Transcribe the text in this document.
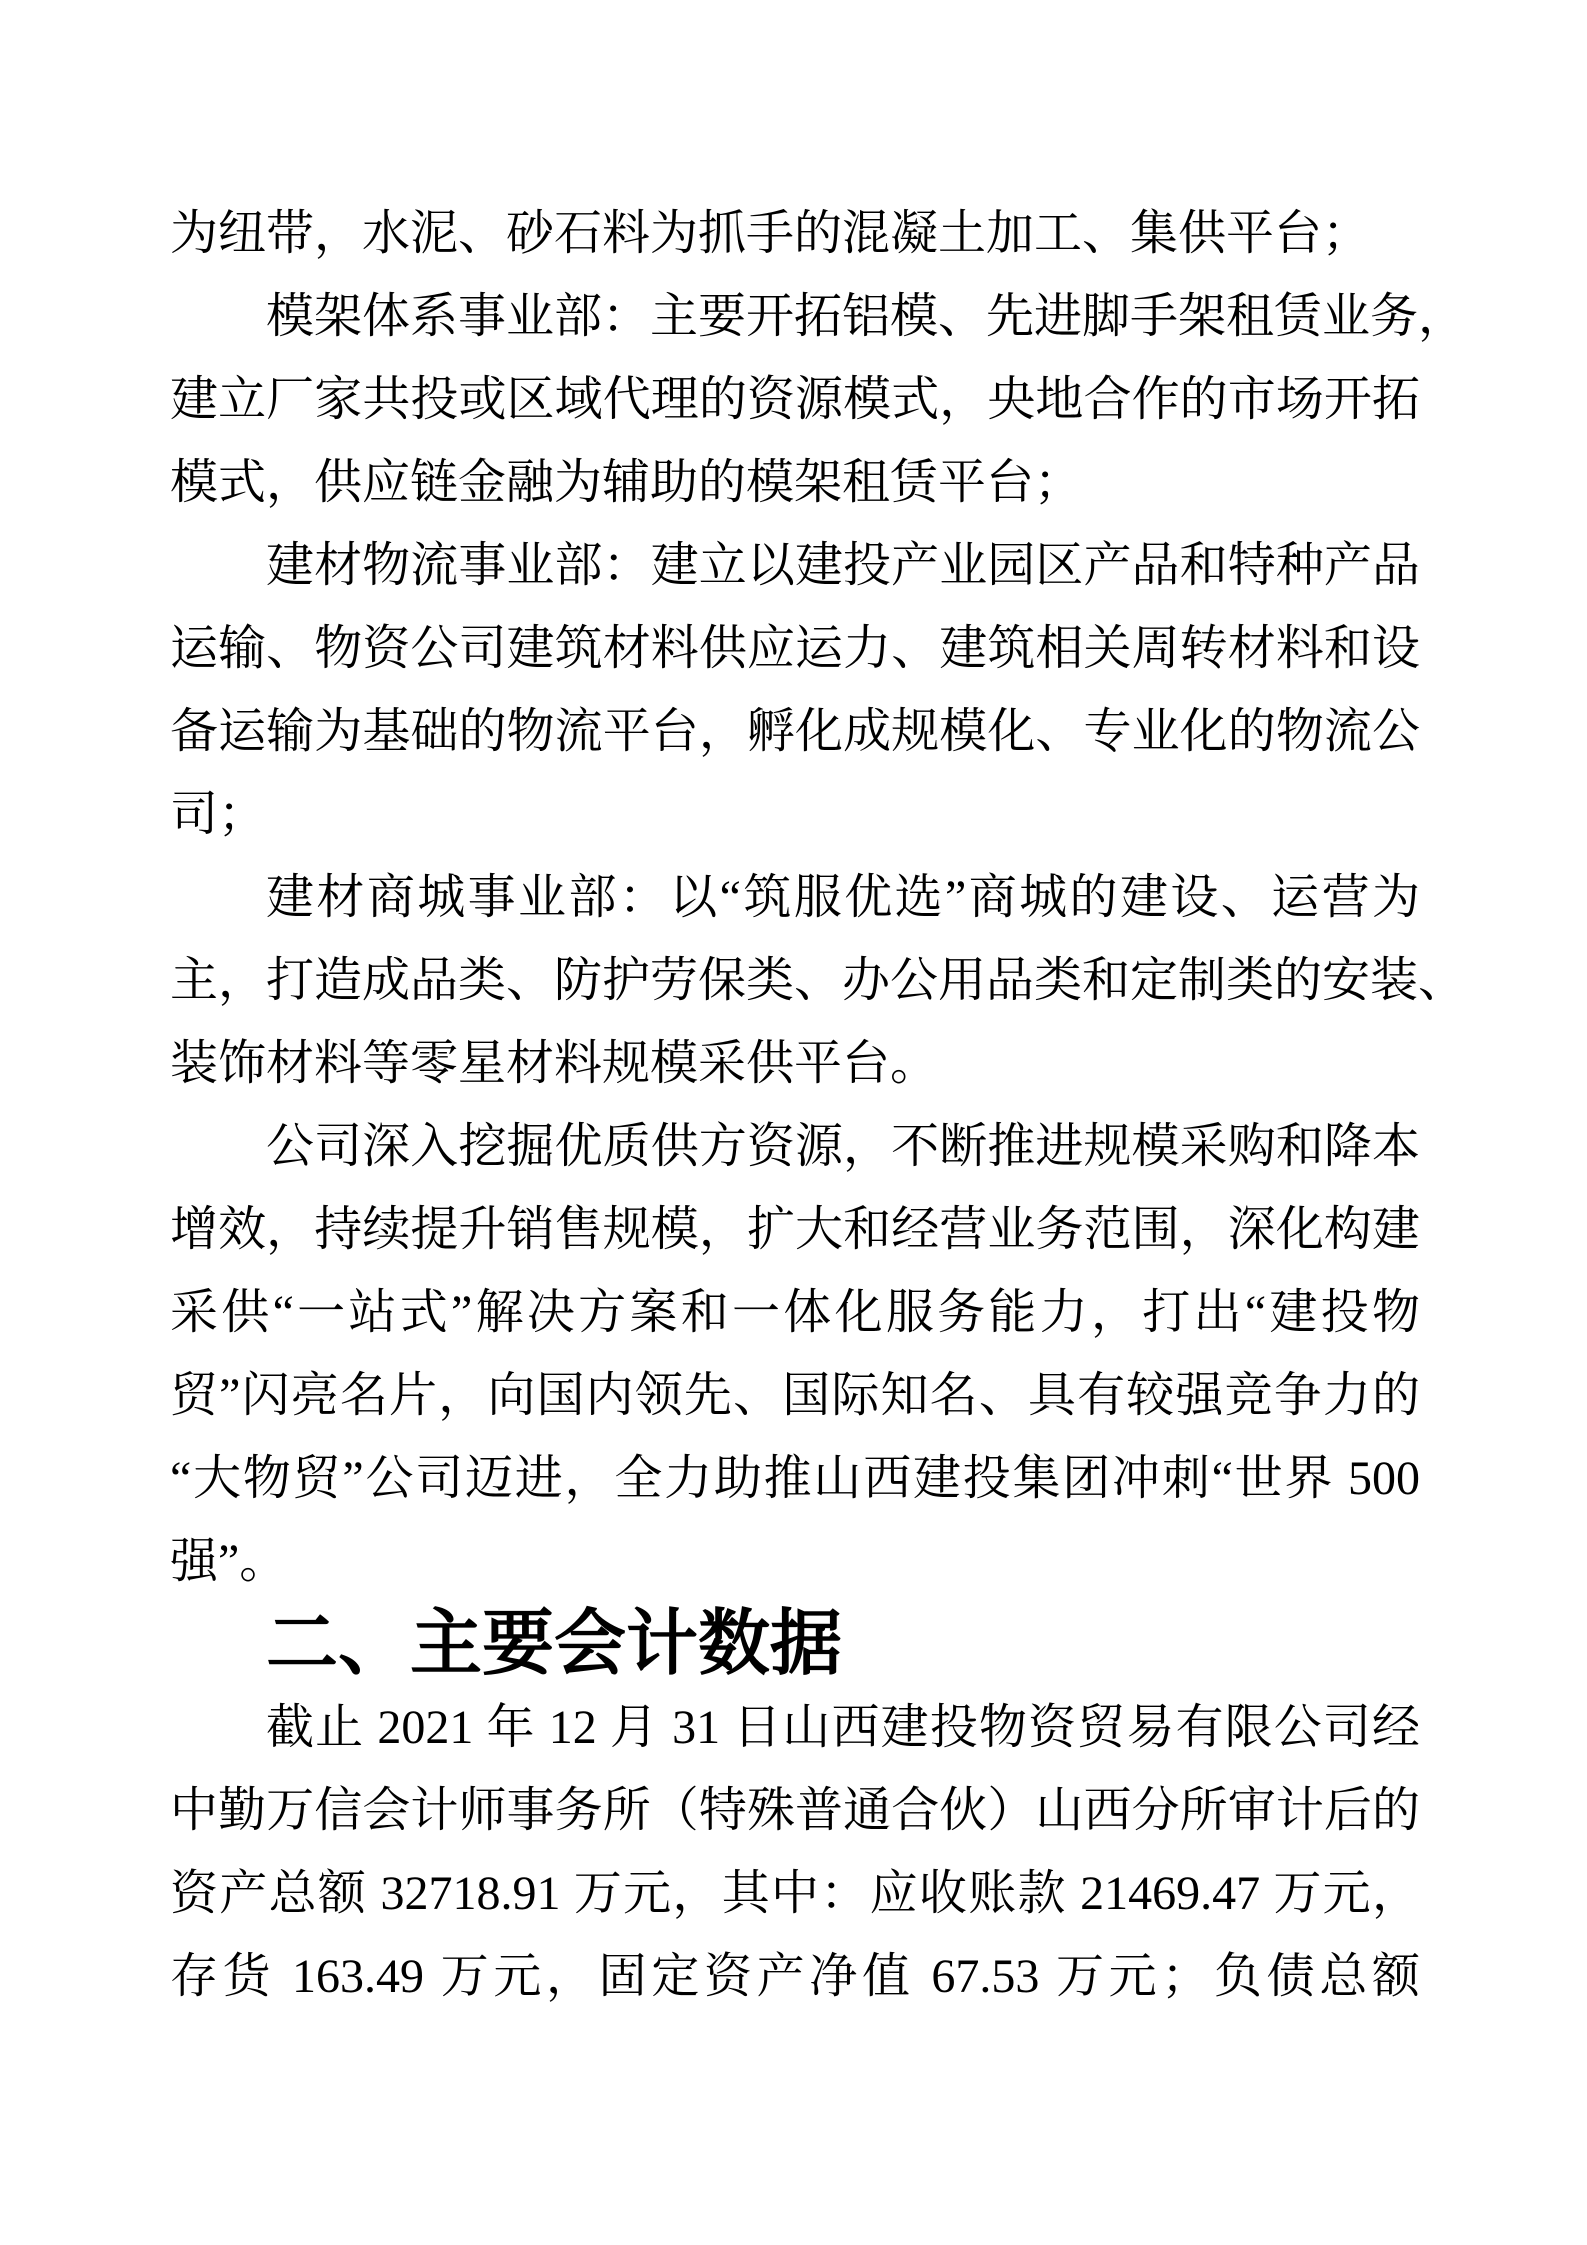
为纽带，水泥、砂石料为抓手的混凝土加工、集供平台；

模架体系事业部：主要开拓铝模、先进脚手架租赁业务，

建立厂家共投或区域代理的资源模式，央地合作的市场开拓

模式，供应链金融为辅助的模架租赁平台；

建材物流事业部：建立以建投产业园区产品和特种产品

运输、物资公司建筑材料供应运力、建筑相关周转材料和设

备运输为基础的物流平台，孵化成规模化、专业化的物流公

司；

建材商城事业部：以“筑服优选”商城的建设、运营为

主，打造成品类、防护劳保类、办公用品类和定制类的安装、

装饰材料等零星材料规模采供平台。

公司深入挖掘优质供方资源，不断推进规模采购和降本

增效，持续提升销售规模，扩大和经营业务范围，深化构建

采供“一站式”解决方案和一体化服务能力，打出“建投物

贸”闪亮名片，向国内领先、国际知名、具有较强竞争力的

“大物贸”公司迈进，全力助推山西建投集团冲刺“世界 500

强”。

二、主要会计数据

截止 2021 年 12 月 31 日山西建投物资贸易有限公司经

中勤万信会计师事务所（特殊普通合伙）山西分所审计后的

资产总额 32718.91 万元，其中：应收账款 21469.47 万元，

存货 163.49 万元，固定资产净值 67.53 万元；负债总额
